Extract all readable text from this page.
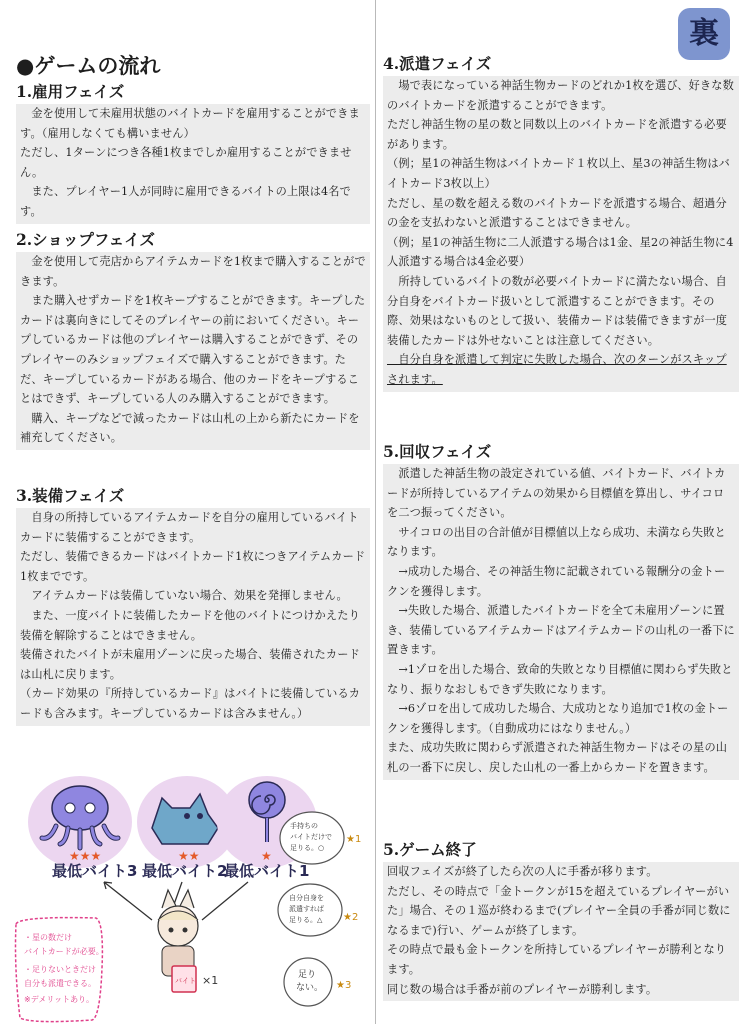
裏
●ゲームの流れ
1.雇用フェイズ

　金を使用して未雇用状態のバイトカードを雇用することができます。（雇用しなくても構いません）

ただし、1ターンにつき各種1枚までしか雇用することができません。

　また、プレイヤー1人が同時に雇用できるバイトの上限は4名です。

2.ショップフェイズ

　金を使用して売店からアイテムカードを1枚まで購入することができます。

　また購入せずカードを1枚キープすることができます。キープしたカードは裏向きにしてそのプレイヤーの前においてください。キープしているカードは他のプレイヤーは購入することができず、そのプレイヤーのみショップフェイズで購入することができます。ただ、キープしているカードがある場合、他のカードをキープすることはできず、キープしている人のみ購入することができます。

　購入、キープなどで減ったカードは山札の上から新たにカードを補充してください。

3.装備フェイズ

　自身の所持しているアイテムカードを自分の雇用しているバイトカードに装備することができます。

ただし、装備できるカードはバイトカード1枚につきアイテムカード1枚までです。

　アイテムカードは装備していない場合、効果を発揮しません。

　また、一度バイトに装備したカードを他のバイトにつけかえたり装備を解除することはできません。

装備されたバイトが未雇用ゾーンに戻った場合、装備されたカードは山札に戻ります。

（カード効果の『所持しているカード』はバイトに装備しているカードも含みます。キープしているカードは含みません。）

4.派遣フェイズ

　場で表になっている神話生物カードのどれか1枚を選び、好きな数のバイトカードを派遣することができます。

ただし神話生物の星の数と同数以上のバイトカードを派遣する必要があります。

（例；星1の神話生物はバイトカード１枚以上、星3の神話生物はバイトカード3枚以上）

ただし、星の数を超える数のバイトカードを派遣する場合、超過分の金を支払わないと派遣することはできません。

（例；星1の神話生物に二人派遣する場合は1金、星2の神話生物に4人派遣する場合は4金必要）

　所持しているバイトの数が必要バイトカードに満たない場合、自分自身をバイトカード扱いとして派遣することができます。その際、効果はないものとして扱い、装備カードは装備できますが一度装備したカードは外せないことは注意してください。

　自分自身を派遣して判定に失敗した場合、次のターンがスキップされます。

5.回収フェイズ

　派遣した神話生物の設定されている値、バイトカード、バイトカードが所持しているアイテムの効果から目標値を算出し、サイコロを二つ振ってください。

　サイコロの出目の合計値が目標値以上なら成功、未満なら失敗となります。

　→成功した場合、その神話生物に記載されている報酬分の金トークンを獲得します。

　→失敗した場合、派遣したバイトカードを全て未雇用ゾーンに置き、装備しているアイテムカードはアイテムカードの山札の一番下に置きます。

　→1ゾロを出した場合、致命的失敗となり目標値に関わらず失敗となり、振りなおしもできず失敗になります。

　→6ゾロを出して成功した場合、大成功となり追加で1枚の金トークンを獲得します。（自動成功にはなりません。）

また、成功失敗に関わらず派遣された神話生物カードはその星の山札の一番下に戻し、戻した山札の一番上からカードを置きます。

5.ゲーム終了

回収フェイズが終了したら次の人に手番が移ります。

ただし、その時点で「金トークンが15を超えているプレイヤーがいた」場合、その１巡が終わるまで(プレイヤー全員の手番が同じ数になるまで)行い、ゲームが終了します。

その時点で最も金トークンを所持しているプレイヤーが勝利となります。

同じ数の場合は手番が前のプレイヤーが勝利します。

★★★	★★	★
最低バイト3 最低バイト2
最低バイト1
バイト ×1
手持ちの
バイトだけで
足りる。○
★1
自分自身を
派遣すれば
足りる。△ ★2
足り
ない。 ★3
・星の数だけ
バイトカードが必要。
・足りないときだけ
自分も派遣できる。
※デメリットあり。
